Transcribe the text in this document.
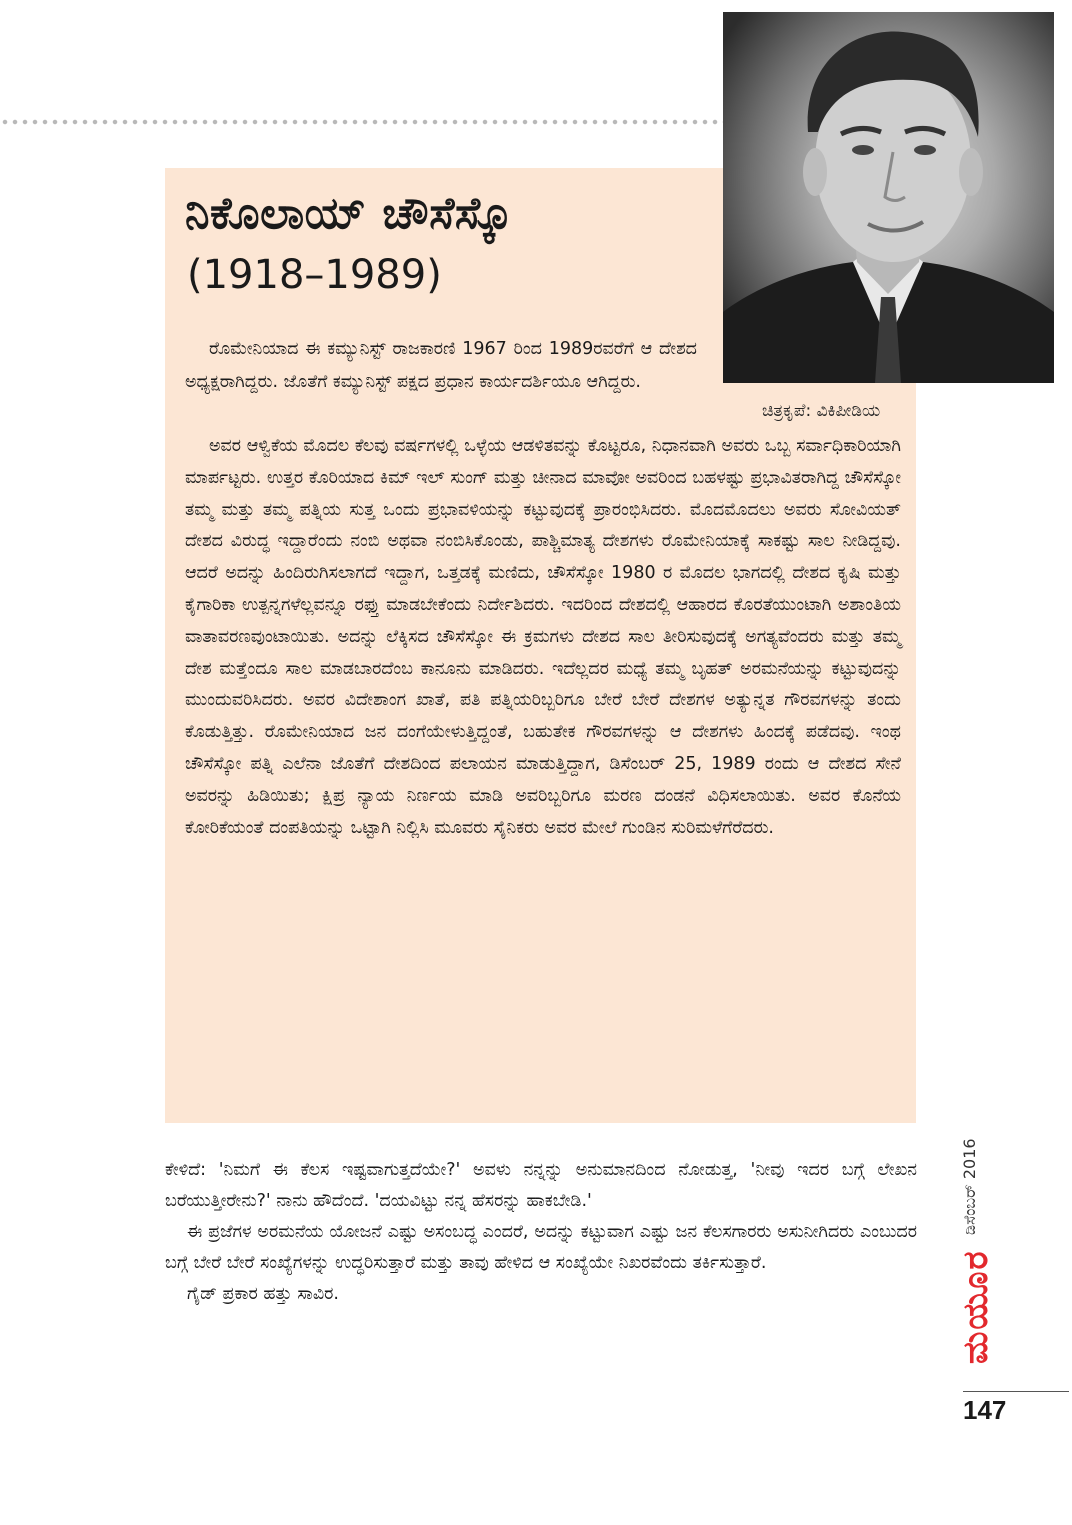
ನಿಕೊಲಾಯ್ ಚೌಸೆಸ್ಕೊ
(1918–1989)
ಚಿತ್ರಕೃಪೆ: ವಿಕಿಪೀಡಿಯ

ರೊಮೇನಿಯಾದ ಈ ಕಮ್ಯುನಿಸ್ಟ್ ರಾಜಕಾರಣಿ 1967 ರಿಂದ 1989ರವರೆಗೆ ಆ ದೇಶದ ಅಧ್ಯಕ್ಷರಾಗಿದ್ದರು. ಜೊತೆಗೆ ಕಮ್ಯುನಿಸ್ಟ್ ಪಕ್ಷದ ಪ್ರಧಾನ ಕಾರ್ಯದರ್ಶಿಯೂ ಆಗಿದ್ದರು.

ಅವರ ಆಳ್ವಿಕೆಯ ಮೊದಲ ಕೆಲವು ವರ್ಷಗಳಲ್ಲಿ ಒಳ್ಳೆಯ ಆಡಳಿತವನ್ನು ಕೊಟ್ಟರೂ, ನಿಧಾನವಾಗಿ ಅವರು ಒಬ್ಬ ಸರ್ವಾಧಿಕಾರಿಯಾಗಿ ಮಾರ್ಪಟ್ಟರು. ಉತ್ತರ ಕೊರಿಯಾದ ಕಿಮ್ ಇಲ್ ಸುಂಗ್ ಮತ್ತು ಚೀನಾದ ಮಾವೋ ಅವರಿಂದ ಬಹಳಷ್ಟು ಪ್ರಭಾವಿತರಾಗಿದ್ದ ಚೌಸೆಸ್ಕೋ ತಮ್ಮ ಮತ್ತು ತಮ್ಮ ಪತ್ನಿಯ ಸುತ್ತ ಒಂದು ಪ್ರಭಾವಳಿಯನ್ನು ಕಟ್ಟುವುದಕ್ಕೆ ಪ್ರಾರಂಭಿಸಿದರು. ಮೊದಮೊದಲು ಅವರು ಸೋವಿಯತ್ ದೇಶದ ವಿರುದ್ಧ ಇದ್ದಾರೆಂದು ನಂಬಿ ಅಥವಾ ನಂಬಿಸಿಕೊಂಡು, ಪಾಶ್ಚಿಮಾತ್ಯ ದೇಶಗಳು ರೊಮೇನಿಯಾಕ್ಕೆ ಸಾಕಷ್ಟು ಸಾಲ ನೀಡಿದ್ದವು. ಆದರೆ ಅದನ್ನು ಹಿಂದಿರುಗಿಸಲಾಗದೆ ಇದ್ದಾಗ, ಒತ್ತಡಕ್ಕೆ ಮಣಿದು, ಚೌಸೆಸ್ಕೋ 1980 ರ ಮೊದಲ ಭಾಗದಲ್ಲಿ ದೇಶದ ಕೃಷಿ ಮತ್ತು ಕೈಗಾರಿಕಾ ಉತ್ಪನ್ನಗಳೆಲ್ಲವನ್ನೂ ರಫ್ತು ಮಾಡಬೇಕೆಂದು ನಿರ್ದೇಶಿದರು. ಇದರಿಂದ ದೇಶದಲ್ಲಿ ಆಹಾರದ ಕೊರತೆಯುಂಟಾಗಿ ಅಶಾಂತಿಯ ವಾತಾವರಣವುಂಟಾಯಿತು. ಅದನ್ನು ಲೆಕ್ಕಿಸದ ಚೌಸೆಸ್ಕೋ ಈ ಕ್ರಮಗಳು ದೇಶದ ಸಾಲ ತೀರಿಸುವುದಕ್ಕೆ ಅಗತ್ಯವೆಂದರು ಮತ್ತು ತಮ್ಮ ದೇಶ ಮತ್ತೆಂದೂ ಸಾಲ ಮಾಡಬಾರದೆಂಬ ಕಾನೂನು ಮಾಡಿದರು. ಇದೆಲ್ಲದರ ಮಧ್ಯೆ ತಮ್ಮ ಬೃಹತ್ ಅರಮನೆಯನ್ನು ಕಟ್ಟುವುದನ್ನು ಮುಂದುವರಿಸಿದರು. ಅವರ ವಿದೇಶಾಂಗ ಖಾತೆ, ಪತಿ ಪತ್ನಿಯರಿಬ್ಬರಿಗೂ ಬೇರೆ ಬೇರೆ ದೇಶಗಳ ಅತ್ಯುನ್ನತ ಗೌರವಗಳನ್ನು ತಂದು ಕೊಡುತ್ತಿತ್ತು. ರೊಮೇನಿಯಾದ ಜನ ದಂಗೆಯೇಳುತ್ತಿದ್ದಂತೆ, ಬಹುತೇಕ ಗೌರವಗಳನ್ನು ಆ ದೇಶಗಳು ಹಿಂದಕ್ಕೆ ಪಡೆದವು. ಇಂಥ ಚೌಸೆಸ್ಕೋ ಪತ್ನಿ ಎಲೆನಾ ಜೊತೆಗೆ ದೇಶದಿಂದ ಪಲಾಯನ ಮಾಡುತ್ತಿದ್ದಾಗ, ಡಿಸೆಂಬರ್ 25, 1989 ರಂದು ಆ ದೇಶದ ಸೇನೆ ಅವರನ್ನು ಹಿಡಿಯಿತು; ಕ್ಷಿಪ್ರ ನ್ಯಾಯ ನಿರ್ಣಯ ಮಾಡಿ ಅವರಿಬ್ಬರಿಗೂ ಮರಣ ದಂಡನೆ ವಿಧಿಸಲಾಯಿತು. ಅವರ ಕೊನೆಯ ಕೋರಿಕೆಯಂತೆ ದಂಪತಿಯನ್ನು ಒಟ್ಟಾಗಿ ನಿಲ್ಲಿಸಿ ಮೂವರು ಸೈನಿಕರು ಅವರ ಮೇಲೆ ಗುಂಡಿನ ಸುರಿಮಳೆಗೆರೆದರು.

ಕೇಳಿದೆ: 'ನಿಮಗೆ ಈ ಕೆಲಸ ಇಷ್ಟವಾಗುತ್ತದೆಯೇ?' ಅವಳು ನನ್ನನ್ನು ಅನುಮಾನದಿಂದ ನೋಡುತ್ತ, 'ನೀವು ಇದರ ಬಗ್ಗೆ ಲೇಖನ ಬರೆಯುತ್ತೀರೇನು?' ನಾನು ಹೌದೆಂದೆ. 'ದಯವಿಟ್ಟು ನನ್ನ ಹೆಸರನ್ನು ಹಾಕಬೇಡಿ.'

ಈ ಪ್ರಜೆಗಳ ಅರಮನೆಯ ಯೋಜನೆ ಎಷ್ಟು ಅಸಂಬದ್ಧ ಎಂದರೆ, ಅದನ್ನು ಕಟ್ಟುವಾಗ ಎಷ್ಟು ಜನ ಕೆಲಸಗಾರರು ಅಸುನೀಗಿದರು ಎಂಬುದರ ಬಗ್ಗೆ ಬೇರೆ ಬೇರೆ ಸಂಖ್ಯೆಗಳನ್ನು ಉದ್ಧರಿಸುತ್ತಾರೆ ಮತ್ತು ತಾವು ಹೇಳಿದ ಆ ಸಂಖ್ಯೆಯೇ ನಿಖರವೆಂದು ತರ್ಕಿಸುತ್ತಾರೆ.

ಗೈಡ್ ಪ್ರಕಾರ ಹತ್ತು ಸಾವಿರ.

ಡಿಸೆಂಬರ್ 2016
ಮಯೂರ
147
